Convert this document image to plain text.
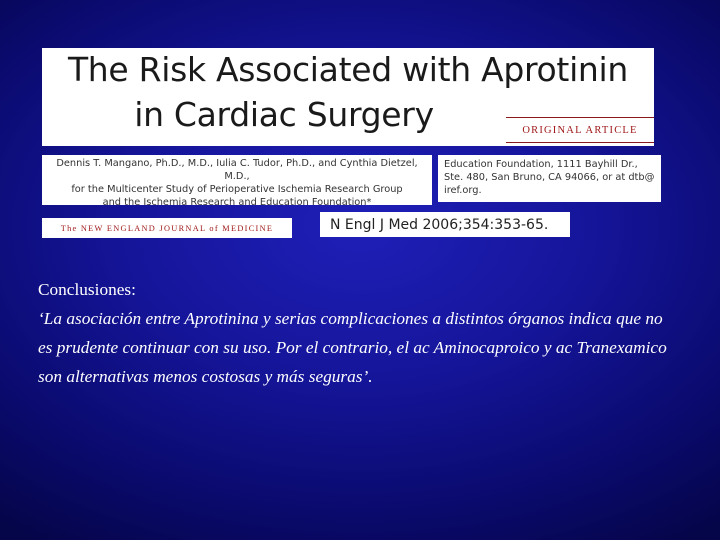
The Risk Associated with Aprotinin
in Cardiac Surgery	ORIGINAL ARTICLE
Dennis T. Mangano, Ph.D., M.D., Iulia C. Tudor, Ph.D., and Cynthia Dietzel, M.D.,
for the Multicenter Study of Perioperative Ischemia Research Group
and the Ischemia Research and Education Foundation*
Education Foundation, 1111 Bayhill Dr.,
Ste. 480, San Bruno, CA 94066, or at dtb@
iref.org.
The NEW ENGLAND JOURNAL of MEDICINE	N Engl J Med 2006;354:353-65.
Conclusiones:
‘La asociación entre Aprotinina y serias complicaciones a distintos órganos indica que no es prudente continuar con su uso. Por el contrario, el ac Aminocaproico y ac Tranexamico son alternativas menos costosas y más seguras’.
